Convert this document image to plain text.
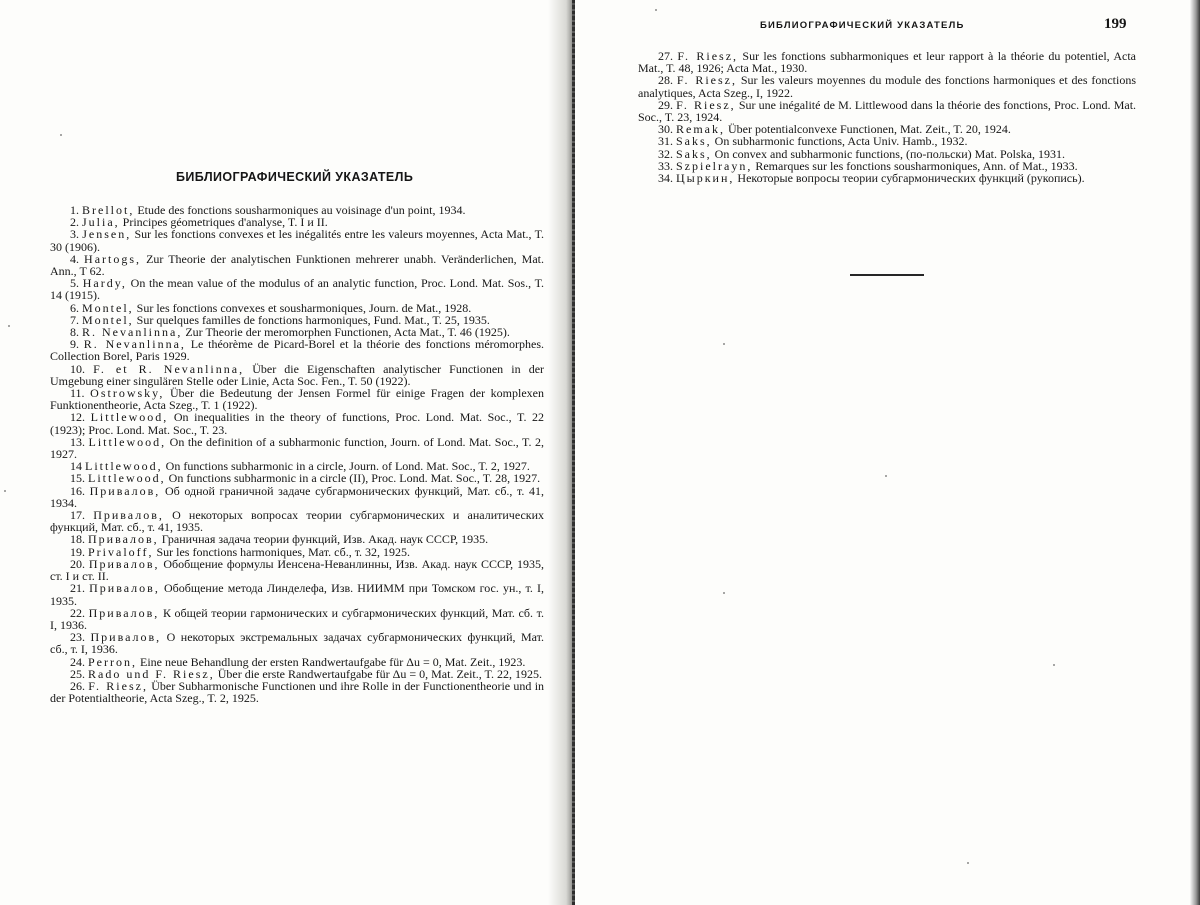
БИБЛИОГРАФИЧЕСКИЙ УКАЗАТЕЛЬ
1. Brellot, Etude des fonctions sousharmoniques au voisinage d'un point, 1934.
2. Julia, Principes géometriques d'analyse, T. I и II.
3. Jensen, Sur les fonctions convexes et les inégalités entre les valeurs moyennes, Acta Mat., T. 30 (1906).
4. Hartogs, Zur Theorie der analytischen Funktionen mehrerer unabh. Veränderlichen, Mat. Ann., T 62.
5. Hardy, On the mean value of the modulus of an analytic function, Proc. Lond. Mat. Sos., T. 14 (1915).
6. Montel, Sur les fonctions convexes et sousharmoniques, Journ. de Mat., 1928.
7. Montel, Sur quelques familles de fonctions harmoniques, Fund. Mat., T. 25, 1935.
8. R. Nevanlinna, Zur Theorie der meromorphen Functionen, Acta Mat., T. 46 (1925).
9. R. Nevanlinna, Le théorème de Picard-Borel et la théorie des fonctions méromorphes. Collection Borel, Paris 1929.
10. F. et R. Nevanlinna, Über die Eigenschaften analytischer Functionen in der Umgebung einer singulären Stelle oder Linie, Acta Soc. Fen., T. 50 (1922).
11. Ostrowsky, Über die Bedeutung der Jensen Formel für einige Fragen der komplexen Funktionentheorie, Acta Szeg., T. 1 (1922).
12. Littlewood, On inequalities in the theory of functions, Proc. Lond. Mat. Soc., T. 22 (1923); Proc. Lond. Mat. Soc., T. 23.
13. Littlewood, On the definition of a subharmonic function, Journ. of Lond. Mat. Soc., T. 2, 1927.
14 Littlewood, On functions subharmonic in a circle, Journ. of Lond. Mat. Soc., T. 2, 1927.
15. Littlewood, On functions subharmonic in a circle (II), Proc. Lond. Mat. Soc., T. 28, 1927.
16. Привалов, Об одной граничной задаче субгармонических функций, Мат. сб., т. 41, 1934.
17. Привалов, О некоторых вопросах теории субгармонических и аналитических функций, Мат. сб., т. 41, 1935.
18. Привалов, Граничная задача теории функций, Изв. Акад. наук СССР, 1935.
19. Privaloff, Sur les fonctions harmoniques, Мат. сб., т. 32, 1925.
20. Привалов, Обобщение формулы Иенсена-Неванлинны, Изв. Акад. наук СССР, 1935, ст. I и ст. II.
21. Привалов, Обобщение метода Линделефа, Изв. НИИММ при Томском гос. ун., т. I, 1935.
22. Привалов, К общей теории гармонических и субгармонических функций, Мат. сб. т. I, 1936.
23. Привалов, О некоторых экстремальных задачах субгармонических функций, Мат. сб., т. I, 1936.
24. Perron, Eine neue Behandlung der ersten Randwertaufgabe für Δu = 0, Mat. Zeit., 1923.
25. Rado und F. Riesz, Über die erste Randwertaufgabe für Δu = 0, Mat. Zeit., T. 22, 1925.
26. F. Riesz, Über Subharmonische Functionen und ihre Rolle in der Functionentheorie und in der Potentialtheorie, Acta Szeg., T. 2, 1925.
БИБЛИОГРАФИЧЕСКИЙ УКАЗАТЕЛЬ	199
27. F. Riesz, Sur les fonctions subharmoniques et leur rapport à la théorie du potentiel, Acta Mat., T. 48, 1926; Acta Mat., 1930.
28. F. Riesz, Sur les valeurs moyennes du module des fonctions harmoniques et des fonctions analytiques, Acta Szeg., I, 1922.
29. F. Riesz, Sur une inégalité de M. Littlewood dans la théorie des fonctions, Proc. Lond. Mat. Soc., T. 23, 1924.
30. Remak, Über potentialconvexe Functionen, Mat. Zeit., T. 20, 1924.
31. Saks, On subharmonic functions, Acta Univ. Hamb., 1932.
32. Saks, On convex and subharmonic functions, (по-польски) Mat. Polska, 1931.
33. Szpielrayn, Remarques sur les fonctions sousharmoniques, Ann. of Mat., 1933.
34. Цыркин, Некоторые вопросы теории субгармонических функций (рукопись).
